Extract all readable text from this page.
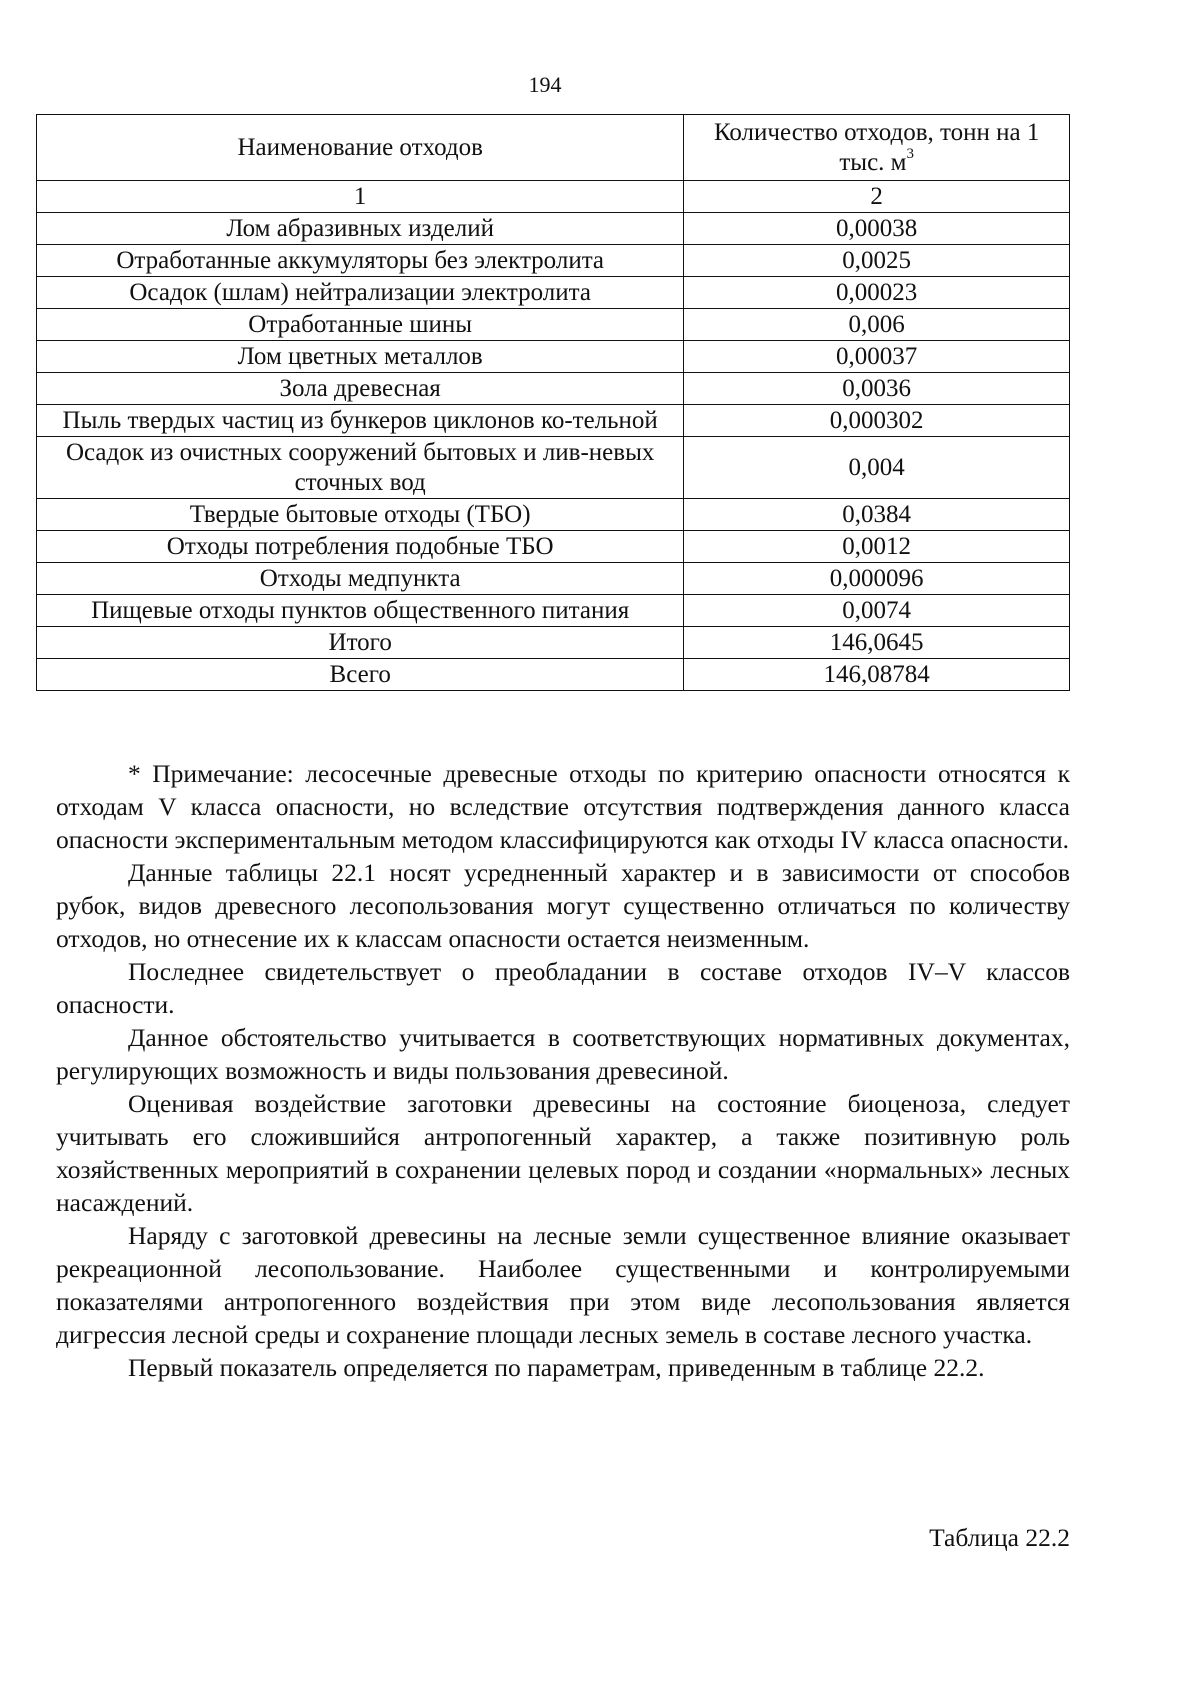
194
Наименование отходов	Количество отходов, тонн на 1 тыс. $м^3$
1	2
Лом абразивных изделий	0,00038
Отработанные аккумуляторы без электролита	0,0025
Осадок (шлам) нейтрализации электролита	0,00023
Отработанные шины	0,006
Лом цветных металлов	0,00037
Зола древесная	0,0036
Пыль твердых частиц из бункеров циклонов ко-тельной	0,000302
Осадок из очистных сооружений бытовых и лив-невых сточных вод	0,004
Твердые бытовые отходы (ТБО)	0,0384
Отходы потребления подобные ТБО	0,0012
Отходы медпункта	0,000096
Пищевые отходы пунктов общественного питания	0,0074
Итого	146,0645
Всего	146,08784

* Примечание: лесосечные древесные отходы по критерию опасности относятся к отходам V класса опасности, но вследствие отсутствия подтверждения данного класса опасности экспериментальным методом классифицируются как отходы IV класса опасности.

Данные таблицы 22.1 носят усредненный характер и в зависимости от способов рубок, видов древесного лесопользования могут существенно отличаться по количеству отходов, но отнесение их к классам опасности остается неизменным.

Последнее свидетельствует о преобладании в составе отходов IV–V классов опасности.

Данное обстоятельство учитывается в соответствующих нормативных документах, регулирующих возможность и виды пользования древесиной.

Оценивая воздействие заготовки древесины на состояние биоценоза, следует учитывать его сложившийся антропогенный характер, а также позитивную роль хозяйственных мероприятий в сохранении целевых пород и создании «нормальных» лесных насаждений.

Наряду с заготовкой древесины на лесные земли существенное влияние оказывает рекреационной лесопользование. Наиболее существенными и контролируемыми показателями антропогенного воздействия при этом виде лесопользования является дигрессия лесной среды и сохранение площади лесных земель в составе лесного участка.

Первый показатель определяется по параметрам, приведенным в таблице 22.2.

Таблица 22.2
